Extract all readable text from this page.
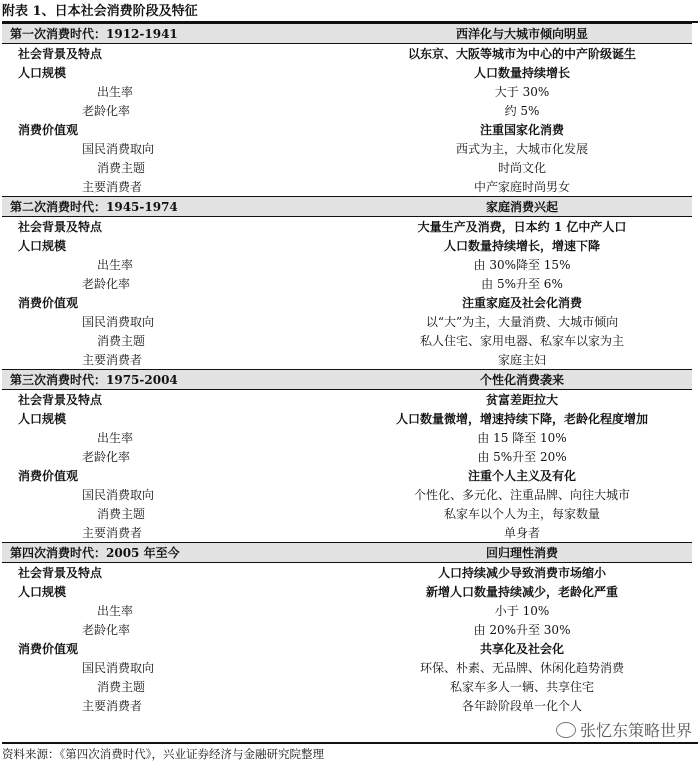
附表 1、日本社会消费阶段及特征
第一次消费时代：1912-1941	西洋化与大城市倾向明显
社会背景及特点	以东京、大阪等城市为中心的中产阶级诞生
人口规模	人口数量持续增长
出生率	大于 30%
老龄化率	约 5%
消费价值观	注重国家化消费
国民消费取向	西式为主，大城市化发展
消费主题	时尚文化
主要消费者	中产家庭时尚男女
第二次消费时代：1945-1974	家庭消费兴起
社会背景及特点	大量生产及消费，日本约 1 亿中产人口
人口规模	人口数量持续增长，增速下降
出生率	由 30%降至 15%
老龄化率	由 5%升至 6%
消费价值观	注重家庭及社会化消费
国民消费取向	以“大”为主，大量消费、大城市倾向
消费主题	私人住宅、家用电器、私家车以家为主
主要消费者	家庭主妇
第三次消费时代：1975-2004	个性化消费袭来
社会背景及特点	贫富差距拉大
人口规模	人口数量微增，增速持续下降，老龄化程度增加
出生率	由 15 降至 10%
老龄化率	由 5%升至 20%
消费价值观	注重个人主义及有化
国民消费取向	个性化、多元化、注重品牌、向往大城市
消费主题	私家车以个人为主，每家数量
主要消费者	单身者
第四次消费时代：2005 年至今	回归理性消费
社会背景及特点	人口持续减少导致消费市场缩小
人口规模	新增人口数量持续减少，老龄化严重
出生率	小于 10%
老龄化率	由 20%升至 30%
消费价值观	共享化及社会化
国民消费取向	环保、朴素、无品牌、休闲化趋势消费
消费主题	私家车多人一辆、共享住宅
主要消费者	各年龄阶段单一化个人
张忆东策略世界
资料来源：《第四次消费时代》，兴业证券经济与金融研究院整理
